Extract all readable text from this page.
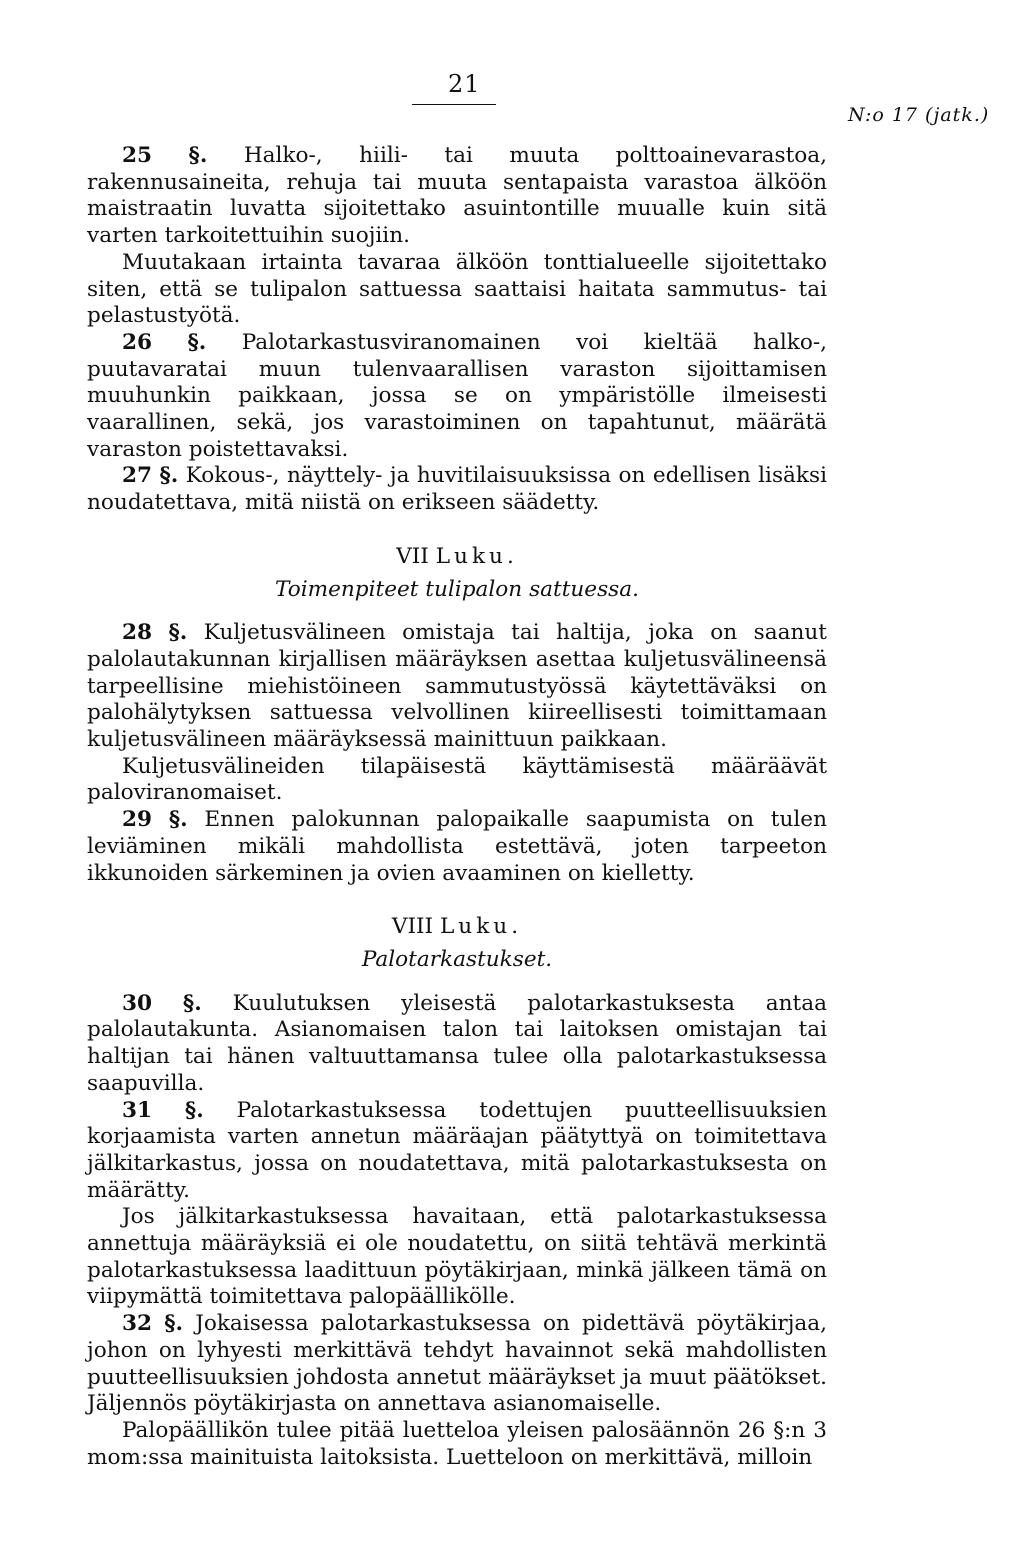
21
N:o 17 (jatk.)

25 §. Halko-, hiili- tai muuta polttoainevarastoa, rakennusaineita, rehuja tai muuta sentapaista varastoa älköön maistraatin luvatta sijoitettako asuintontille muualle kuin sitä varten tarkoitettuihin suojiin.

Muutakaan irtainta tavaraa älköön tonttialueelle sijoitettako siten, että se tulipalon sattuessa saattaisi haitata sammutus- tai pelastustyötä.

26 §. Palotarkastusviranomainen voi kieltää halko-, puutavaratai muun tulenvaarallisen varaston sijoittamisen muuhunkin paikkaan, jossa se on ympäristölle ilmeisesti vaarallinen, sekä, jos varastoiminen on tapahtunut, määrätä varaston poistettavaksi.

27 §. Kokous-, näyttely- ja huvitilaisuuksissa on edellisen lisäksi noudatettava, mitä niistä on erikseen säädetty.

VII Luku.

Toimenpiteet tulipalon sattuessa.

28 §. Kuljetusvälineen omistaja tai haltija, joka on saanut palolautakunnan kirjallisen määräyksen asettaa kuljetusvälineensä tarpeellisine miehistöineen sammutustyössä käytettäväksi on palohälytyksen sattuessa velvollinen kiireellisesti toimittamaan kuljetusvälineen määräyksessä mainittuun paikkaan.

Kuljetusvälineiden tilapäisestä käyttämisestä määräävät paloviranomaiset.

29 §. Ennen palokunnan palopaikalle saapumista on tulen leviäminen mikäli mahdollista estettävä, joten tarpeeton ikkunoiden särkeminen ja ovien avaaminen on kielletty.

VIII Luku.

Palotarkastukset.

30 §. Kuulutuksen yleisestä palotarkastuksesta antaa palolautakunta. Asianomaisen talon tai laitoksen omistajan tai haltijan tai hänen valtuuttamansa tulee olla palotarkastuksessa saapuvilla.

31 §. Palotarkastuksessa todettujen puutteellisuuksien korjaamista varten annetun määräajan päätyttyä on toimitettava jälkitarkastus, jossa on noudatettava, mitä palotarkastuksesta on määrätty.

Jos jälkitarkastuksessa havaitaan, että palotarkastuksessa annettuja määräyksiä ei ole noudatettu, on siitä tehtävä merkintä palotarkastuksessa laadittuun pöytäkirjaan, minkä jälkeen tämä on viipymättä toimitettava palopäällikölle.

32 §. Jokaisessa palotarkastuksessa on pidettävä pöytäkirjaa, johon on lyhyesti merkittävä tehdyt havainnot sekä mahdollisten puutteellisuuksien johdosta annetut määräykset ja muut päätökset. Jäljennös pöytäkirjasta on annettava asianomaiselle.

Palopäällikön tulee pitää luetteloa yleisen palosäännön 26 §:n 3 mom:ssa mainituista laitoksista. Luetteloon on merkittävä, milloin
